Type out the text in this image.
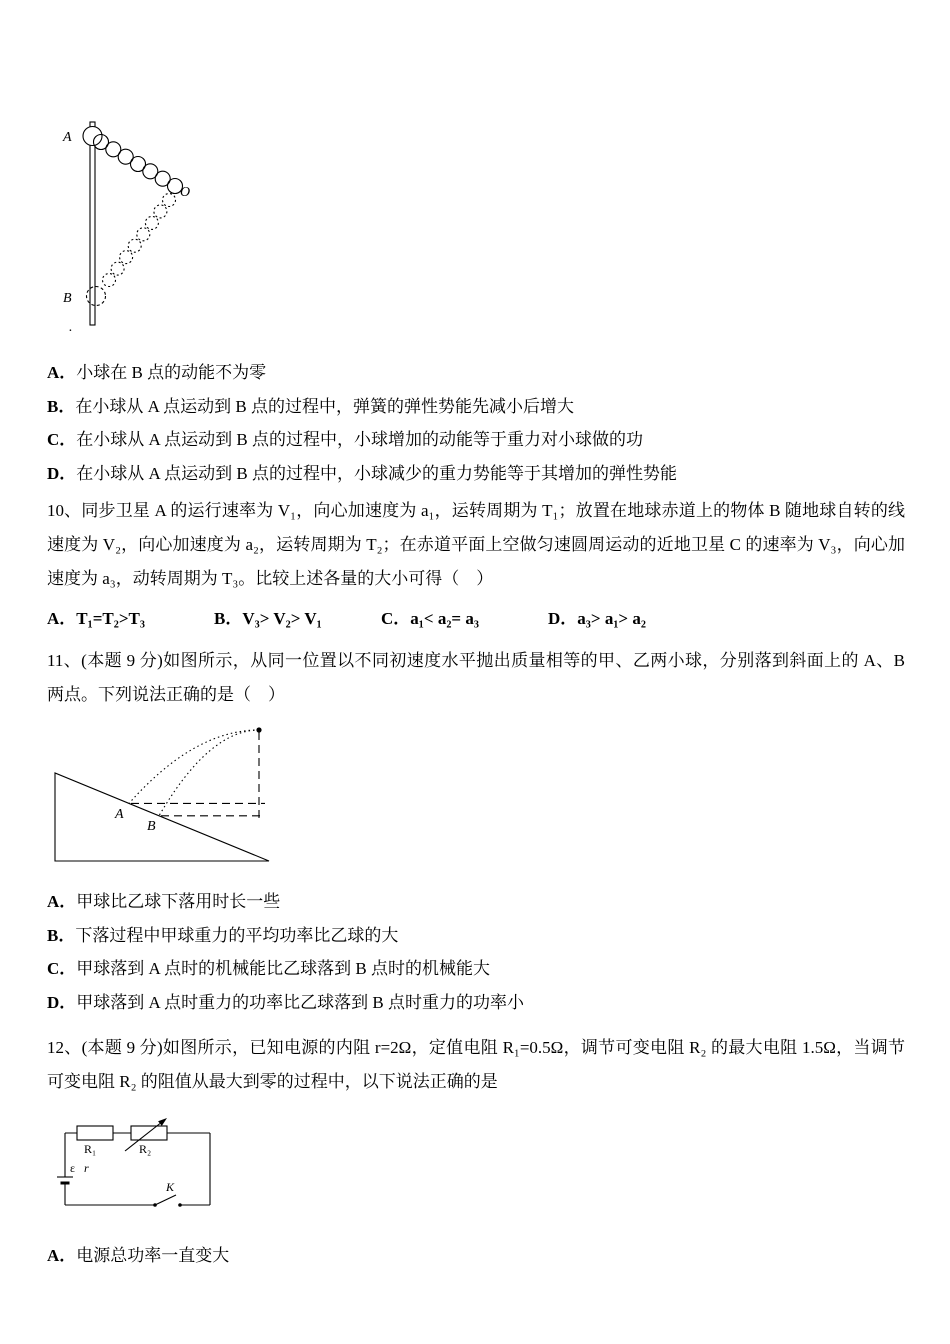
A
O
B
.
A．小球在 B 点的动能不为零
B．在小球从 A 点运动到 B 点的过程中，弹簧的弹性势能先减小后增大
C．在小球从 A 点运动到 B 点的过程中，小球增加的动能等于重力对小球做的功
D．在小球从 A 点运动到 B 点的过程中，小球减少的重力势能等于其增加的弹性势能

10、同步卫星 A 的运行速率为 V₁，向心加速度为 a₁，运转周期为 T₁；放置在地球赤道上的物体 B 随地球自转的线速度为 V₂，向心加速度为 a₂，运转周期为 T₂；在赤道平面上空做匀速圆周运动的近地卫星 C 的速率为 V₃，向心加速度为 a₃，动转周期为 T₃。比较上述各量的大小可得（　）

A．T₁=T₂>T₃	B．V₃> V₂> V₁	C．a₁< a₂= a₃	D．a₃> a₁> a₂

11、(本题 9 分)如图所示，从同一位置以不同初速度水平抛出质量相等的甲、乙两小球，分别落到斜面上的 A、B 两点。下列说法正确的是（　）

A
B
A．甲球比乙球下落用时长一些
B．下落过程中甲球重力的平均功率比乙球的大
C．甲球落到 A 点时的机械能比乙球落到 B 点时的机械能大
D．甲球落到 A 点时重力的功率比乙球落到 B 点时重力的功率小

12、(本题 9 分)如图所示，已知电源的内阻 r=2Ω，定值电阻 R₁=0.5Ω，调节可变电阻 R₂ 的最大电阻 1.5Ω，当调节可变电阻 R₂ 的阻值从最大到零的过程中，以下说法正确的是

R₁	R₂
ε r
K
A．电源总功率一直变大
